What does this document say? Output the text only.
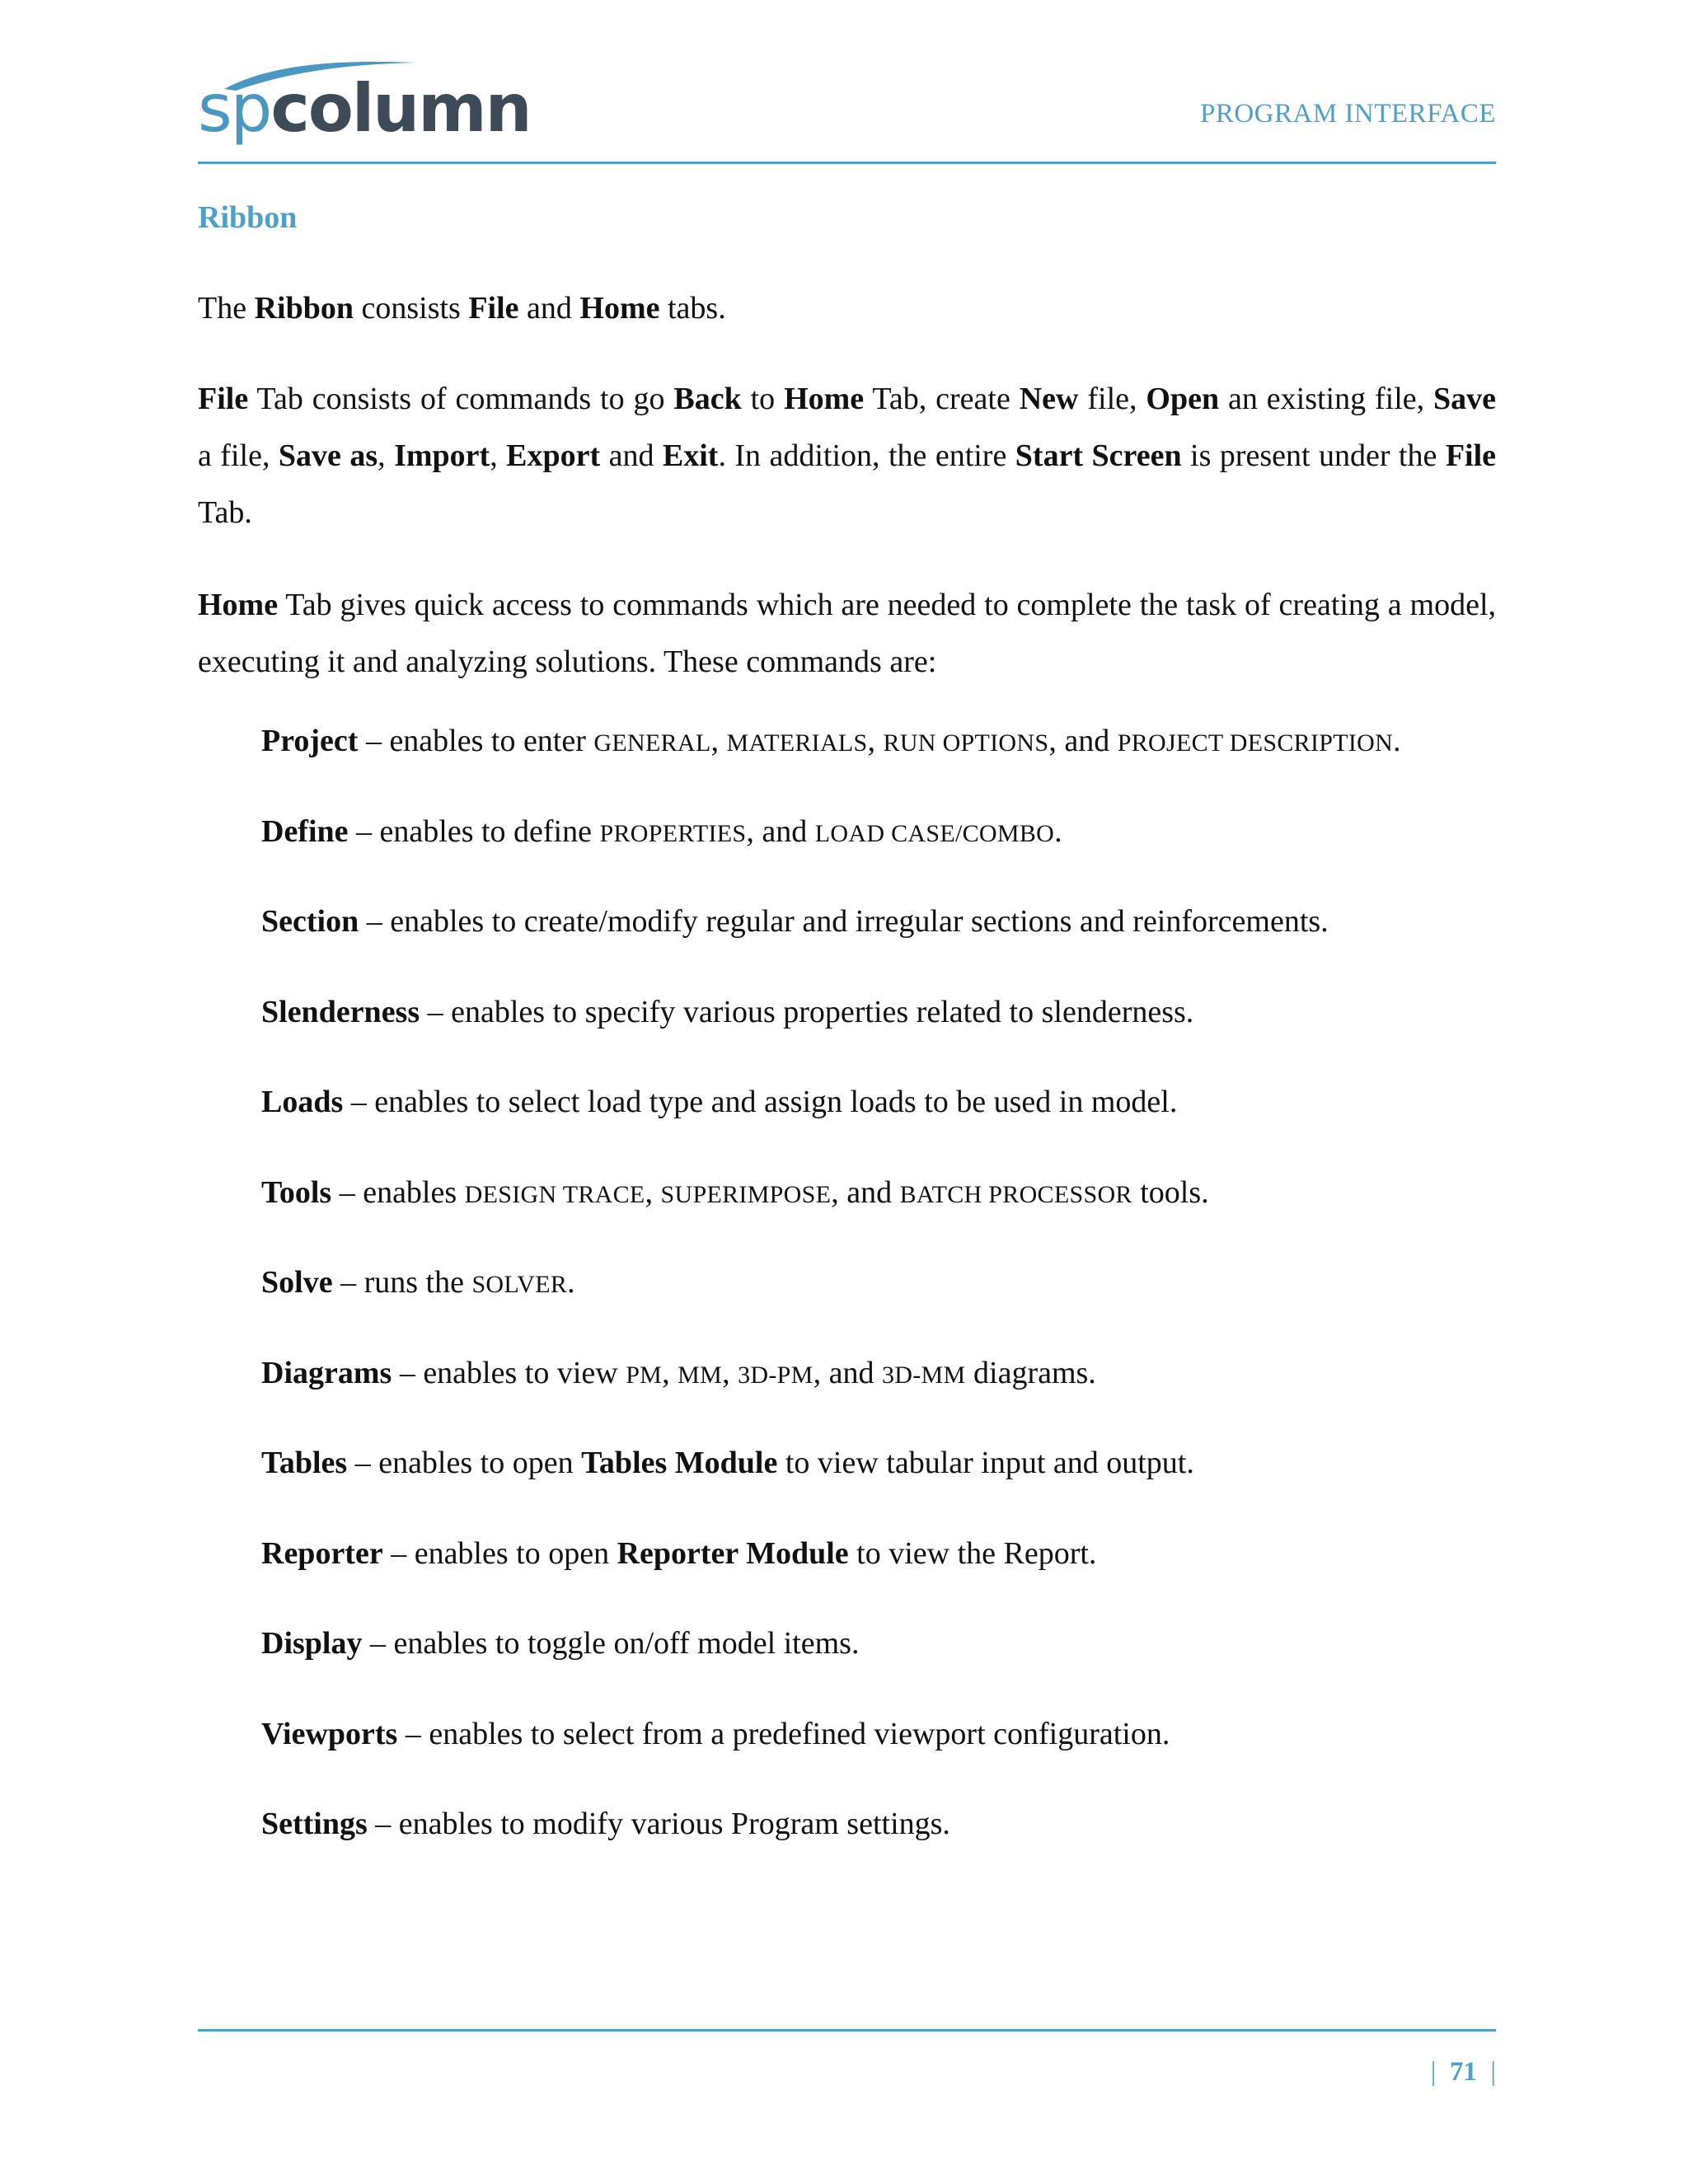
spcolumn	PROGRAM INTERFACE
Ribbon

The Ribbon consists File and Home tabs.

File Tab consists of commands to go Back to Home Tab, create New file, Open an existing file, Save a file, Save as, Import, Export and Exit. In addition, the entire Start Screen is present under the File Tab.

Home Tab gives quick access to commands which are needed to complete the task of creating a model, executing it and analyzing solutions. These commands are:

Project – enables to enter GENERAL, MATERIALS, RUN OPTIONS, and PROJECT DESCRIPTION.
Define – enables to define PROPERTIES, and LOAD CASE/COMBO.
Section – enables to create/modify regular and irregular sections and reinforcements.
Slenderness – enables to specify various properties related to slenderness.
Loads – enables to select load type and assign loads to be used in model.
Tools – enables DESIGN TRACE, SUPERIMPOSE, and BATCH PROCESSOR tools.
Solve – runs the SOLVER.
Diagrams – enables to view PM, MM, 3D-PM, and 3D-MM diagrams.
Tables – enables to open Tables Module to view tabular input and output.
Reporter – enables to open Reporter Module to view the Report.
Display – enables to toggle on/off model items.
Viewports – enables to select from a predefined viewport configuration.
Settings – enables to modify various Program settings.
| 71 |
